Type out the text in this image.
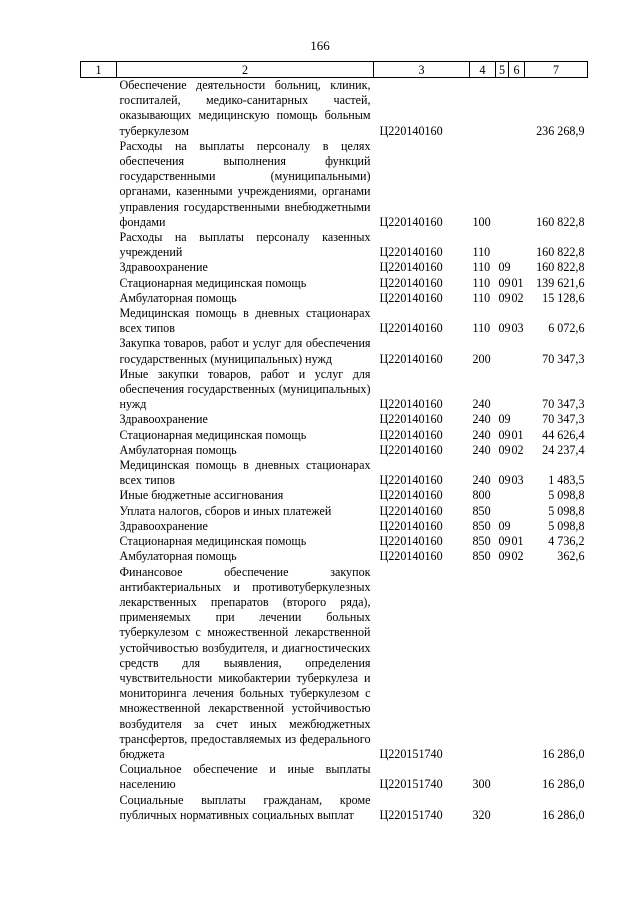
166
1	2	3	4	5	6	7
	Обеспечение деятельности больниц, клиник, госпиталей, медико-санитарных частей, оказывающих медицинскую помощь больным туберкулезом	Ц220140160				236 268,9
	Расходы на выплаты персоналу в целях обеспечения выполнения функций государственными (муниципальными) органами, казенными учреждениями, органами управления государственными внебюджетными фондами	Ц220140160	100			160 822,8
	Расходы на выплаты персоналу казенных учреждений	Ц220140160	110			160 822,8
	Здравоохранение	Ц220140160	110	09		160 822,8
	Стационарная медицинская помощь	Ц220140160	110	09	01	139 621,6
	Амбулаторная помощь	Ц220140160	110	09	02	15 128,6
	Медицинская помощь в дневных стационарах всех типов	Ц220140160	110	09	03	6 072,6
	Закупка товаров, работ и услуг для обеспечения государственных (муниципальных) нужд	Ц220140160	200			70 347,3
	Иные закупки товаров, работ и услуг для обеспечения государственных (муниципальных) нужд	Ц220140160	240			70 347,3
	Здравоохранение	Ц220140160	240	09		70 347,3
	Стационарная медицинская помощь	Ц220140160	240	09	01	44 626,4
	Амбулаторная помощь	Ц220140160	240	09	02	24 237,4
	Медицинская помощь в дневных стационарах всех типов	Ц220140160	240	09	03	1 483,5
	Иные бюджетные ассигнования	Ц220140160	800			5 098,8
	Уплата налогов, сборов и иных платежей	Ц220140160	850			5 098,8
	Здравоохранение	Ц220140160	850	09		5 098,8
	Стационарная медицинская помощь	Ц220140160	850	09	01	4 736,2
	Амбулаторная помощь	Ц220140160	850	09	02	362,6
	Финансовое обеспечение закупок антибактериальных и противотуберкулезных лекарственных препаратов (второго ряда), применяемых при лечении больных туберкулезом с множественной лекарственной устойчивостью возбудителя, и диагностических средств для выявления, определения чувствительности микобактерии туберкулеза и мониторинга лечения больных туберкулезом с множественной лекарственной устойчивостью возбудителя за счет иных межбюджетных трансфертов, предоставляемых из федерального бюджета	Ц220151740				16 286,0
	Социальное обеспечение и иные выплаты населению	Ц220151740	300			16 286,0
	Социальные выплаты гражданам, кроме публичных нормативных социальных выплат	Ц220151740	320			16 286,0
